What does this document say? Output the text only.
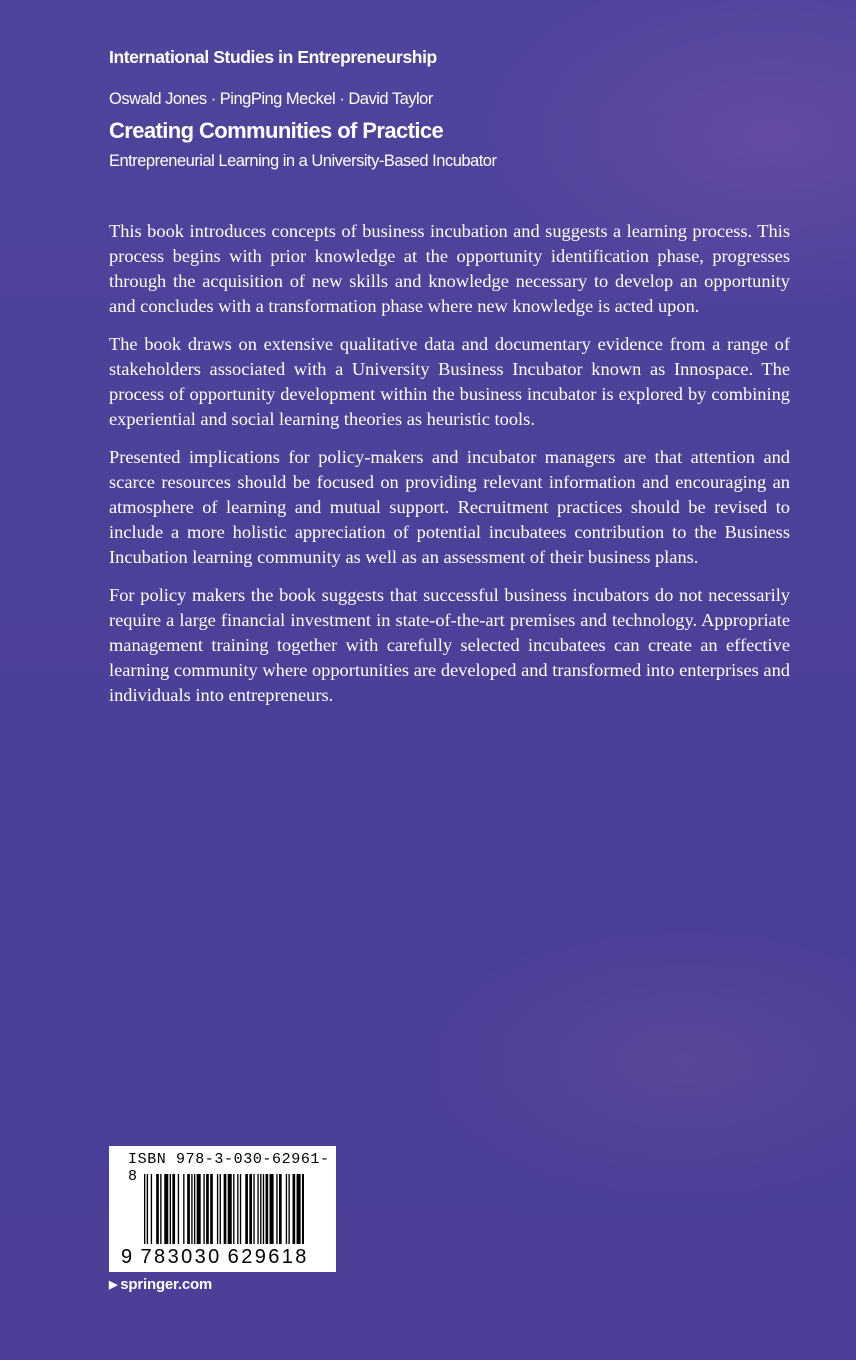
International Studies in Entrepreneurship
Oswald Jones · PingPing Meckel · David Taylor
Creating Communities of Practice
Entrepreneurial Learning in a University-Based Incubator

This book introduces concepts of business incubation and suggests a learning process. This process begins with prior knowledge at the opportunity identification phase, progresses through the acquisition of new skills and knowledge necessary to develop an opportunity and concludes with a transformation phase where new knowledge is acted upon.

The book draws on extensive qualitative data and documentary evidence from a range of stakeholders associated with a University Business Incubator known as Innospace. The process of opportunity development within the business incubator is explored by combining experiential and social learning theories as heuristic tools.

Presented implications for policy-makers and incubator managers are that attention and scarce resources should be focused on providing relevant information and encouraging an atmosphere of learning and mutual support. Recruitment practices should be revised to include a more holistic appreciation of potential incubatees contribution to the Business Incubation learning community as well as an assessment of their business plans.

For policy makers the book suggests that successful business incubators do not necessarily require a large financial investment in state-of-the-art premises and technology. Appropriate management training together with carefully selected incubatees can create an effective learning community where opportunities are developed and transformed into enterprises and individuals into entrepreneurs.

ISBN 978-3-030-62961-8
9 783030 629618
▶ springer.com
